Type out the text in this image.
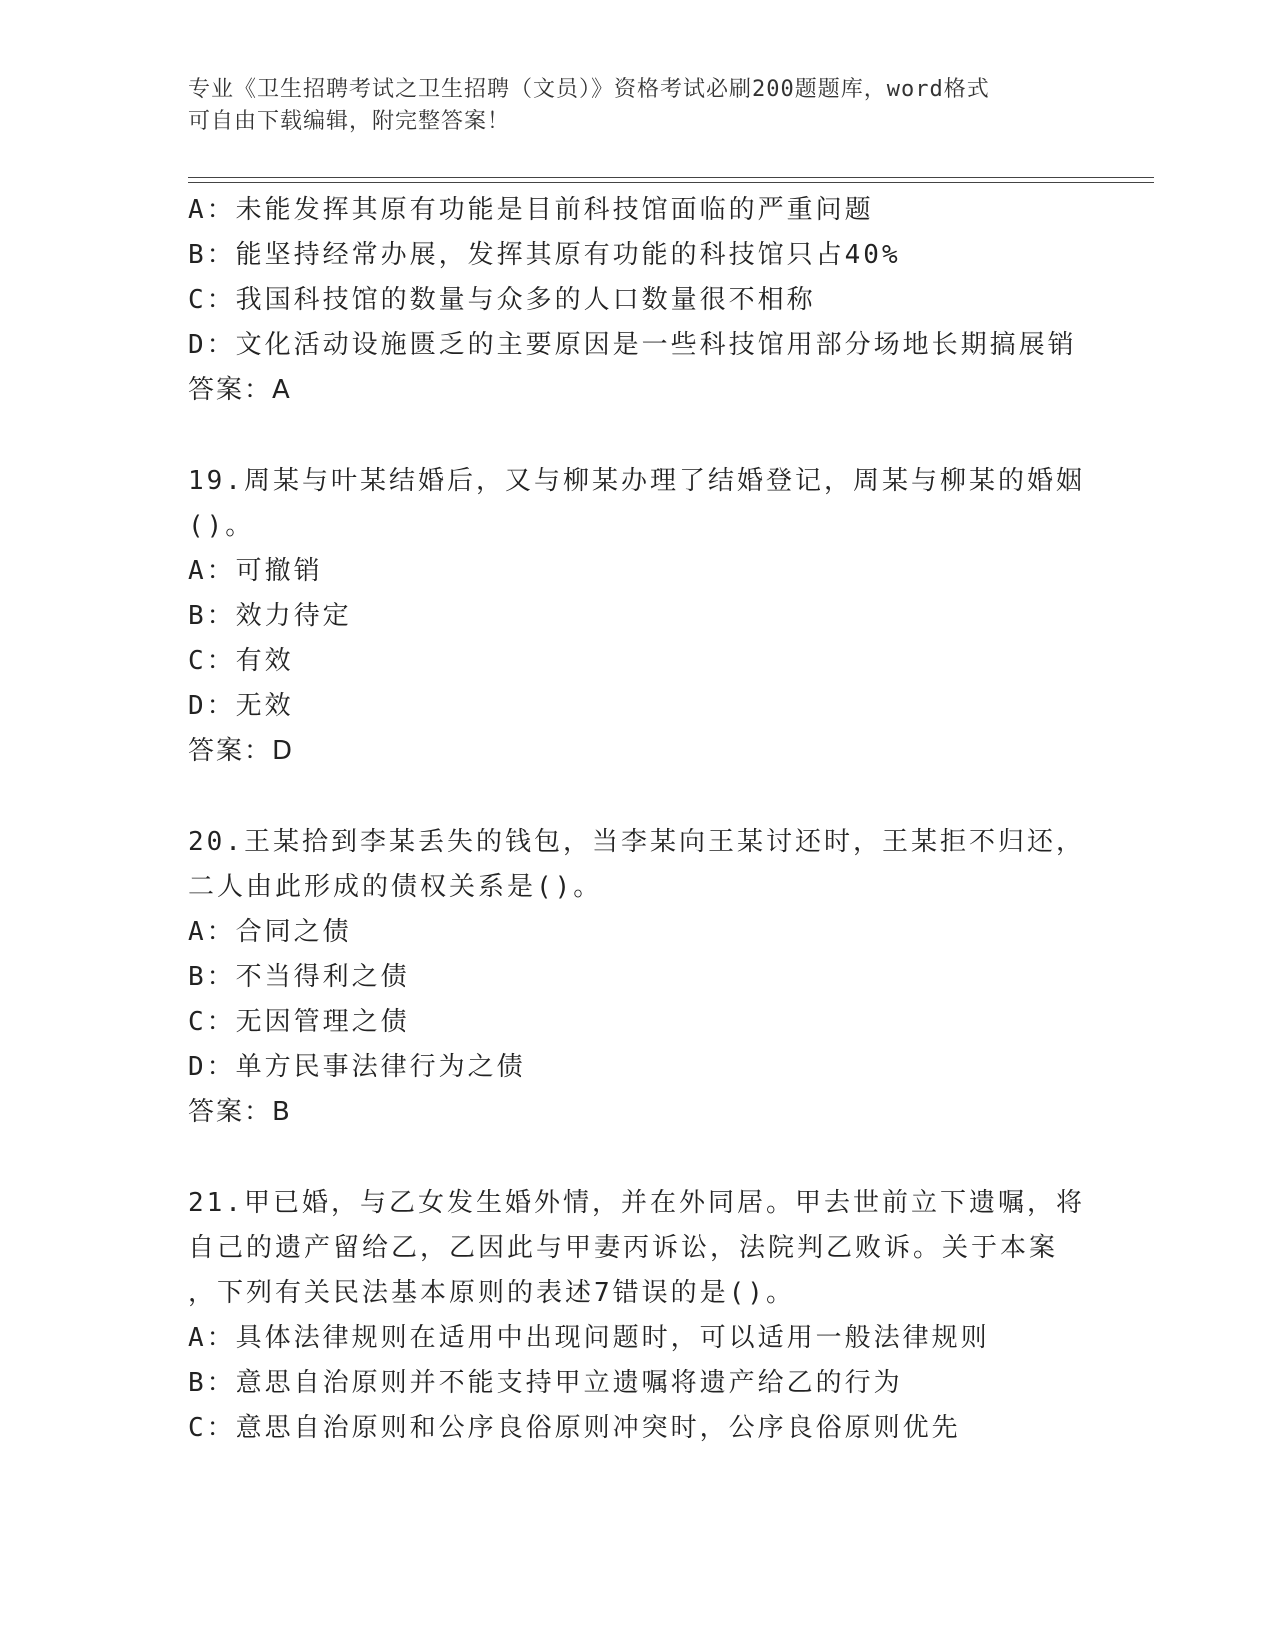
专业《卫生招聘考试之卫生招聘（文员）》资格考试必刷200题题库，word格式
可自由下载编辑，附完整答案！
A：未能发挥其原有功能是目前科技馆面临的严重问题
B：能坚持经常办展，发挥其原有功能的科技馆只占40%
C：我国科技馆的数量与众多的人口数量很不相称
D：文化活动设施匮乏的主要原因是一些科技馆用部分场地长期搞展销
答案：A
19.周某与叶某结婚后，又与柳某办理了结婚登记，周某与柳某的婚姻
()。
A：可撤销
B：效力待定
C：有效
D：无效
答案：D
20.王某拾到李某丢失的钱包，当李某向王某讨还时，王某拒不归还，
二人由此形成的债权关系是()。
A：合同之债
B：不当得利之债
C：无因管理之债
D：单方民事法律行为之债
答案：B
21.甲已婚，与乙女发生婚外情，并在外同居。甲去世前立下遗嘱，将
自己的遗产留给乙，乙因此与甲妻丙诉讼，法院判乙败诉。关于本案
，下列有关民法基本原则的表述7错误的是()。
A：具体法律规则在适用中出现问题时，可以适用一般法律规则
B：意思自治原则并不能支持甲立遗嘱将遗产给乙的行为
C：意思自治原则和公序良俗原则冲突时，公序良俗原则优先
